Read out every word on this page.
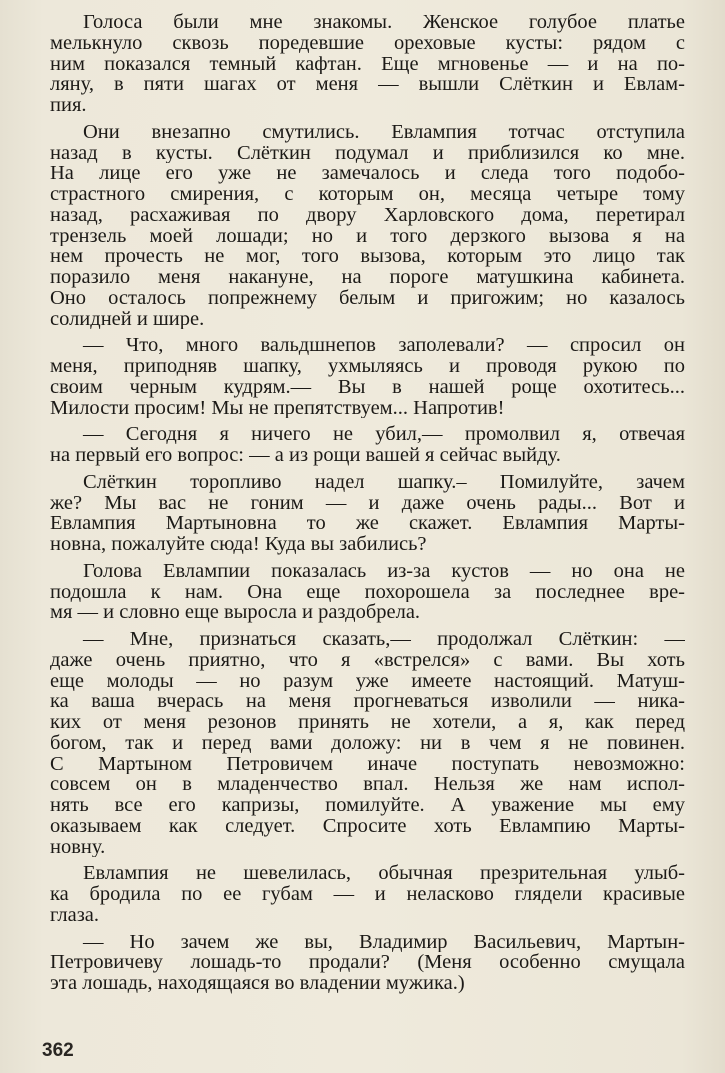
Голоса были мне знакомы. Женское голубое платье
мелькнуло сквозь поредевшие ореховые кусты: рядом с
ним показался темный кафтан. Еще мгновенье — и на по-
ляну, в пяти шагах от меня — вышли Слёткин и Евлам-
пия.
Они внезапно смутились. Евлампия тотчас отступила
назад в кусты. Слёткин подумал и приблизился ко мне.
На лице его уже не замечалось и следа того подобо-
страстного смирения, с которым он, месяца четыре тому
назад, расхаживая по двору Харловского дома, перетирал
трензель моей лошади; но и того дерзкого вызова я на
нем прочесть не мог, того вызова, которым это лицо так
поразило меня накануне, на пороге матушкина кабинета.
Оно осталось попрежнему белым и пригожим; но казалось
солидней и шире.
— Что, много вальдшнепов заполевали? — спросил он
меня, приподняв шапку, ухмыляясь и проводя рукою по
своим черным кудрям.— Вы в нашей роще охотитесь...
Милости просим! Мы не препятствуем... Напротив!
— Сегодня я ничего не убил,— промолвил я, отвечая
на первый его вопрос: — а из рощи вашей я сейчас выйду.
Слёткин торопливо надел шапку.– Помилуйте, зачем
же? Мы вас не гоним — и даже очень рады... Вот и
Евлампия Мартыновна то же скажет. Евлампия Марты-
новна, пожалуйте сюда! Куда вы забились?
Голова Евлампии показалась из-за кустов — но она не
подошла к нам. Она еще похорошела за последнее вре-
мя — и словно еще выросла и раздобрела.
— Мне, признаться сказать,— продолжал Слёткин: —
даже очень приятно, что я «встрелся» с вами. Вы хоть
еще молоды — но разум уже имеете настоящий. Матуш-
ка ваша вчерась на меня прогневаться изволили — ника-
ких от меня резонов принять не хотели, а я, как перед
богом, так и перед вами доложу: ни в чем я не повинен.
С Мартыном Петровичем иначе поступать невозможно:
совсем он в младенчество впал. Нельзя же нам испол-
нять все его капризы, помилуйте. А уважение мы ему
оказываем как следует. Спросите хоть Евлампию Марты-
новну.
Евлампия не шевелилась, обычная презрительная улыб-
ка бродила по ее губам — и неласково глядели красивые
глаза.
— Но зачем же вы, Владимир Васильевич, Мартын-
Петровичеву лошадь-то продали? (Меня особенно смущала
эта лошадь, находящаяся во владении мужика.)
362
